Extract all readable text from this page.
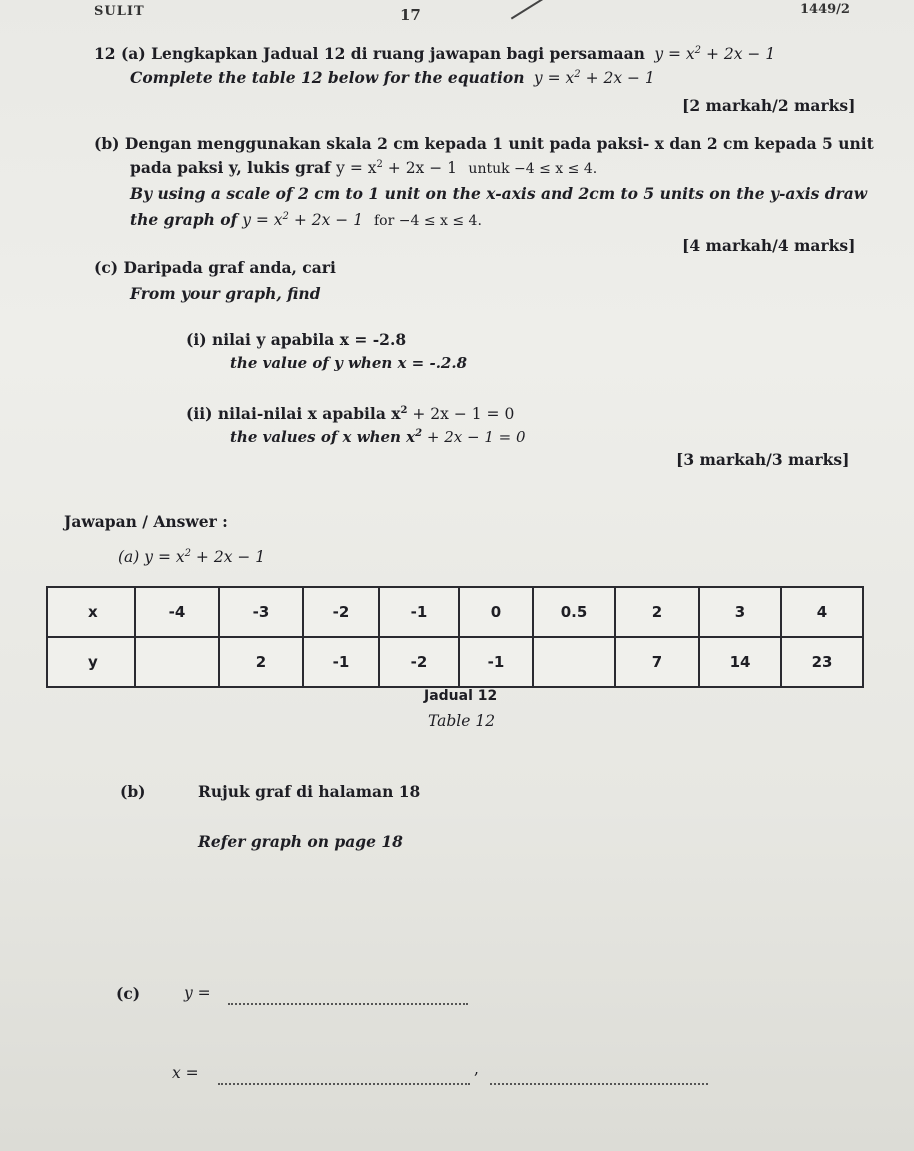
SULIT	17	1449/2
12 (a) Lengkapkan Jadual 12 di ruang jawapan bagi persamaan $y = x^2 + 2x - 1$
Complete the table 12 below for the equation $y = x^2 + 2x - 1$
[2 markah/2 marks]
(b) Dengan menggunakan skala 2 cm kepada 1 unit pada paksi- x dan 2 cm kepada 5 unit
pada paksi y, lukis graf $y = x^2 + 2x - 1$ untuk −4 ≤ x ≤ 4.
By using a scale of 2 cm to 1 unit on the x-axis and 2cm to 5 units on the y-axis draw
the graph of $y = x^2 + 2x - 1$ for −4 ≤ x ≤ 4.
[4 markah/4 marks]
(c) Daripada graf anda, cari
From your graph, find
(i) nilai y apabila x = -2.8
the value of y when x = -.2.8
(ii) nilai-nilai x apabila $x^2 + 2x - 1 = 0$
the values of x when $x^2 + 2x - 1 = 0$
[3 markah/3 marks]
Jawapan / Answer :
(a) $y = x^2 + 2x - 1$
x	-4	-3	-2	-1	0	0.5	2	3	4
y		2	-1	-2	-1		7	14	23
Jadual 12
Table 12
(b)	Rujuk graf di halaman 18
Refer graph on page 18
(c)	y =
x =	,
